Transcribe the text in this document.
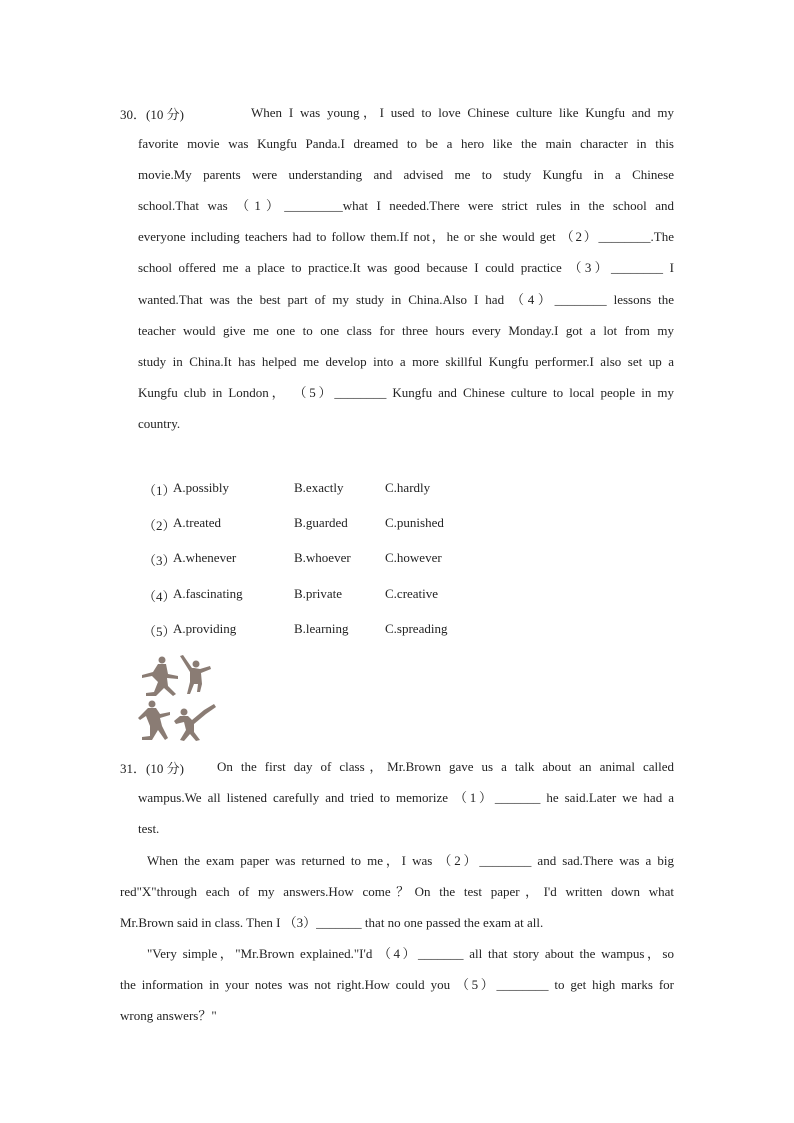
30．(10 分)	When I was young，I used to love Chinese culture like Kungfu and my
favorite movie was Kungfu Panda.I dreamed to be a hero like the main character in this
movie.My parents were understanding and advised me to study Kungfu in a Chinese
school.That was （1）_________what I needed.There were strict rules in the school and
everyone including teachers had to follow them.If not，he or she would get （2）________.The
school offered me a place to practice.It was good because I could practice （3）________ I
wanted.That was the best part of my study in China.Also I had （4）________ lessons the
teacher would give me one to one class for three hours every Monday.I got a lot from my
study in China.It has helped me develop into a more skillful Kungfu performer.I also set up a
Kungfu club in London， （5）________ Kungfu and Chinese culture to local people in my
country.
（1）
A.possibly	B.exactly	C.hardly
（2）
A.treated	B.guarded	C.punished
（3）
A.whenever	B.whoever	C.however
（4）
A.fascinating	B.private	C.creative
（5）
A.providing	B.learning	C.spreading
31．(10 分)	On the first day of class，Mr.Brown gave us a talk about an animal called
wampus.We all listened carefully and tried to memorize （1）_______ he said.Later we had a
test.
When the exam paper was returned to me，I was （2）________ and sad.There was a big
red"X"through each of my answers.How come？On the test paper，I'd written down what
Mr.Brown said in class. Then I （3）_______ that no one passed the exam at all.
"Very simple，"Mr.Brown explained."I'd （4）_______ all that story about the wampus，so
the information in your notes was not right.How could you （5）________ to get high marks for
wrong answers？"
